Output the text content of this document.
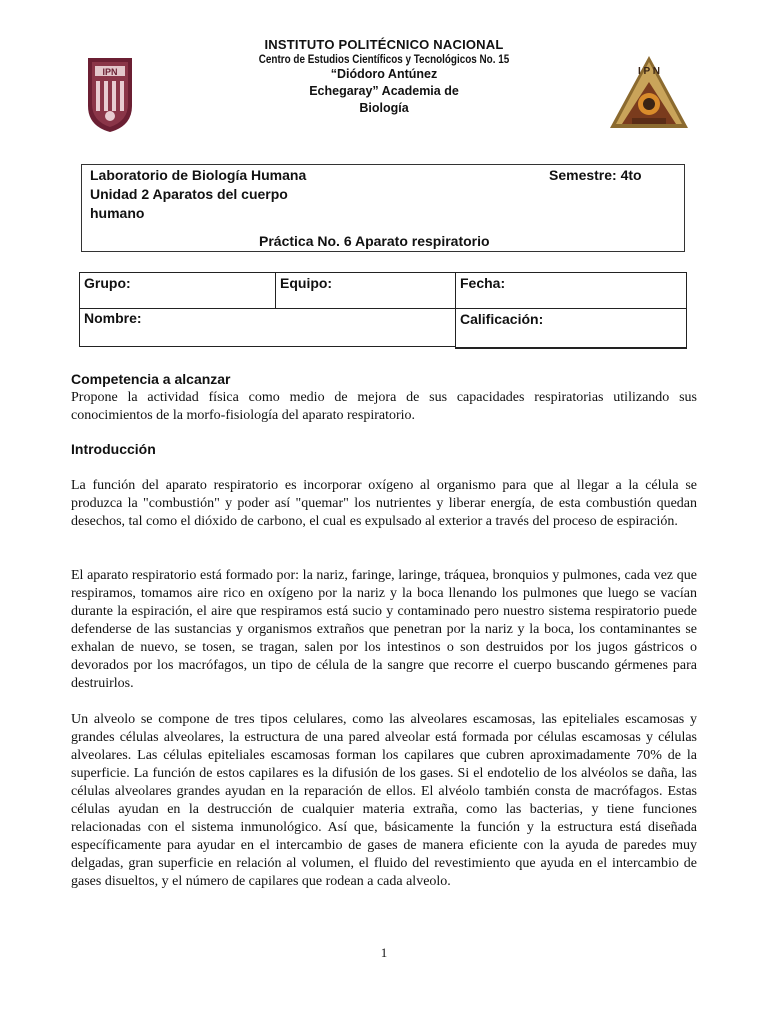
IPN	I P N
INSTITUTO POLITÉCNICO NACIONAL
Centro de Estudios Científicos y Tecnológicos No. 15
“Diódoro Antúnez
Echegaray” Academia de
Biología
Laboratorio de Biología Humana
Unidad 2 Aparatos del cuerpo humano
Semestre: 4to
Práctica No. 6 Aparato respiratorio
Grupo:	Equipo:	Fecha:
Nombre:	Calificación:
Competencia a alcanzar
Propone la actividad física como medio de mejora de sus capacidades respiratorias utilizando sus conocimientos de la morfo-fisiología del aparato respiratorio.
Introducción
La función del aparato respiratorio es incorporar oxígeno al organismo para que al llegar a la célula se produzca la "combustión" y poder así "quemar" los nutrientes y liberar energía, de esta combustión quedan desechos, tal como el dióxido de carbono, el cual es expulsado al exterior a través del proceso de espiración.
El aparato respiratorio está formado por: la nariz, faringe, laringe, tráquea, bronquios y pulmones, cada vez que respiramos, tomamos aire rico en oxígeno por la nariz y la boca llenando los pulmones que luego se vacían durante la espiración, el aire que respiramos está sucio y contaminado pero nuestro sistema respiratorio puede defenderse de las sustancias y organismos extraños que penetran por la nariz y la boca, los contaminantes se exhalan de nuevo, se tosen, se tragan, salen por los intestinos o son destruidos por los jugos gástricos o devorados por los macrófagos, un tipo de célula de la sangre que recorre el cuerpo buscando gérmenes para destruirlos.
Un alveolo se compone de tres tipos celulares, como las alveolares escamosas, las epiteliales escamosas y grandes células alveolares, la estructura de una pared alveolar está formada por células escamosas y células alveolares. Las células epiteliales escamosas forman los capilares que cubren aproximadamente 70% de la superficie. La función de estos capilares es la difusión de los gases. Si el endotelio de los alvéolos se daña, las células alveolares grandes ayudan en la reparación de ellos. El alvéolo también consta de macrófagos. Estas células ayudan en la destrucción de cualquier materia extraña, como las bacterias, y tiene funciones relacionadas con el sistema inmunológico. Así que, básicamente la función y la estructura está diseñada específicamente para ayudar en el intercambio de gases de manera eficiente con la ayuda de paredes muy delgadas, gran superficie en relación al volumen, el fluido del revestimiento que ayuda en el intercambio de gases disueltos, y el número de capilares que rodean a cada alveolo.
1
